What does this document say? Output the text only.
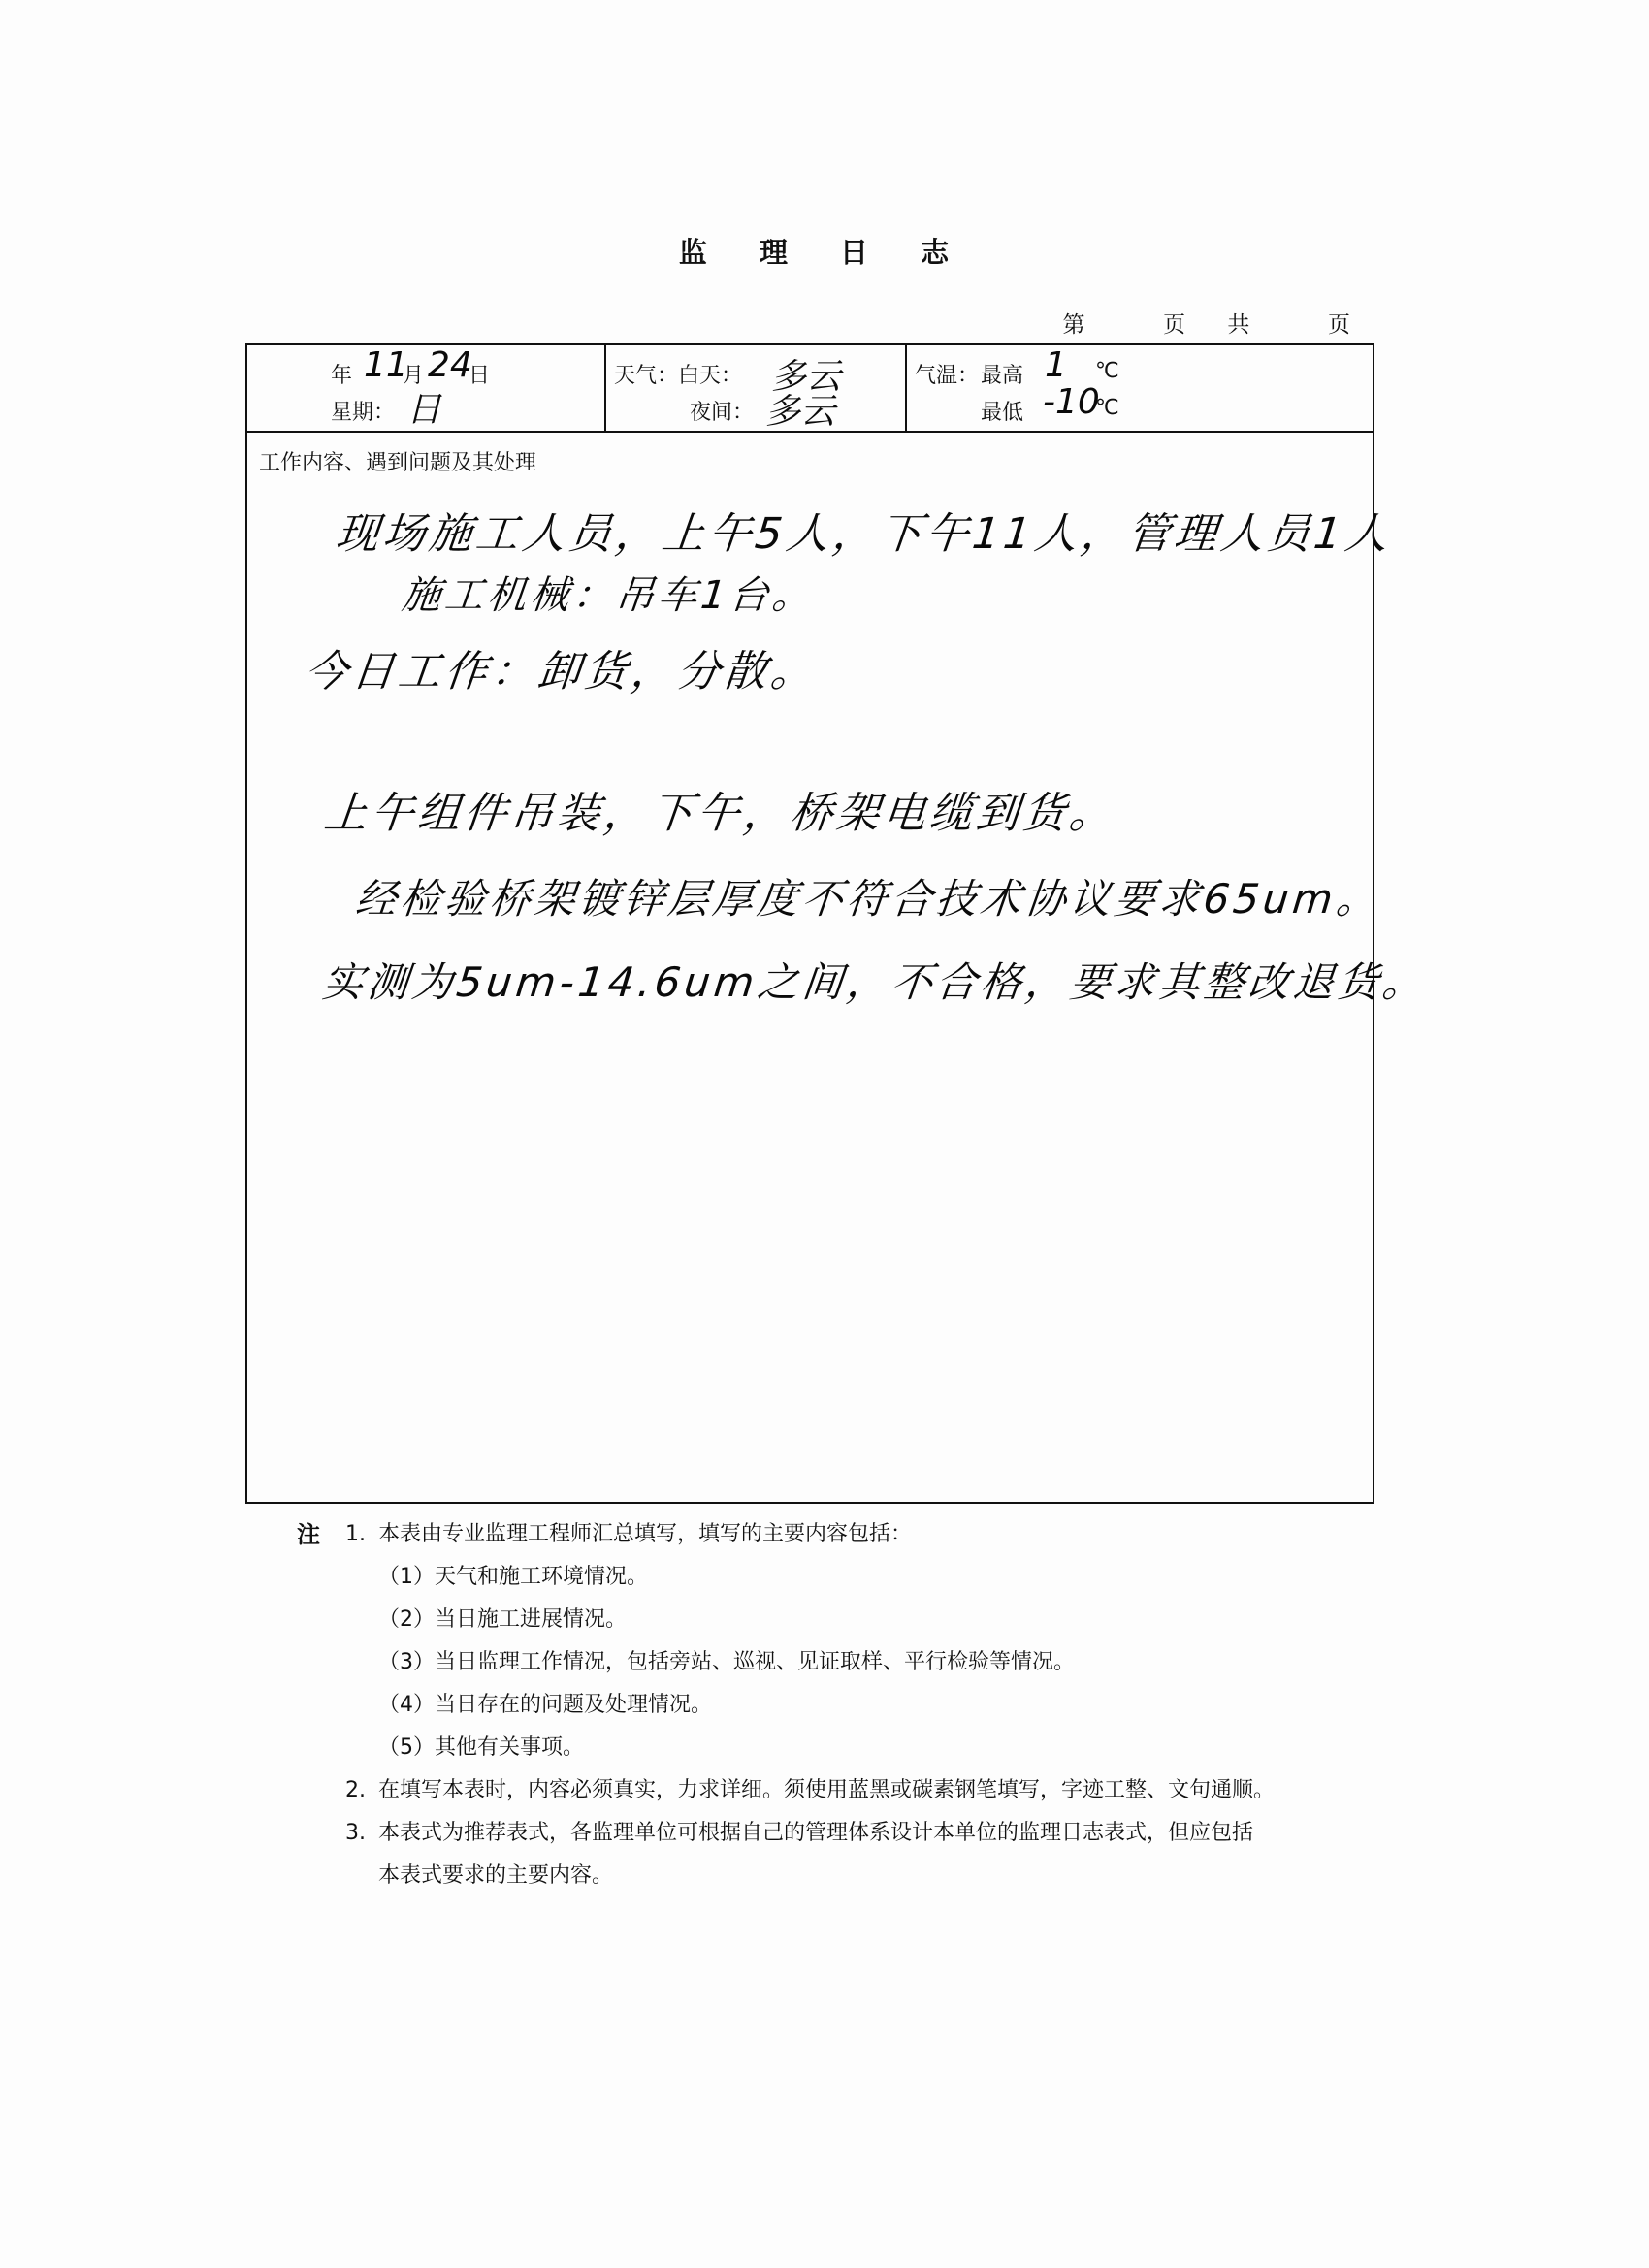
监 理 日 志
第	页 共	页
年 11
月 24
日
星期： 日
天气： 白天： 多云
夜间： 多云
气温： 最高 1 ℃
最低 -10
℃
工作内容、遇到问题及其处理
现场施工人员，上午5人，下午11人，管理人员1人
施工机械：吊车1台。
今日工作：卸货，分散。
上午组件吊装，下午，桥架电缆到货。
经检验桥架镀锌层厚度不符合技术协议要求65um。
实测为5um-14.6um之间，不合格，要求其整改退货。
注 1. 本表由专业监理工程师汇总填写，填写的主要内容包括：
（1）天气和施工环境情况。
（2）当日施工进展情况。
（3）当日监理工作情况，包括旁站、巡视、见证取样、平行检验等情况。
（4）当日存在的问题及处理情况。
（5）其他有关事项。
2. 在填写本表时，内容必须真实，力求详细。须使用蓝黑或碳素钢笔填写，字迹工整、文句通顺。
3. 本表式为推荐表式，各监理单位可根据自己的管理体系设计本单位的监理日志表式，但应包括
本表式要求的主要内容。
